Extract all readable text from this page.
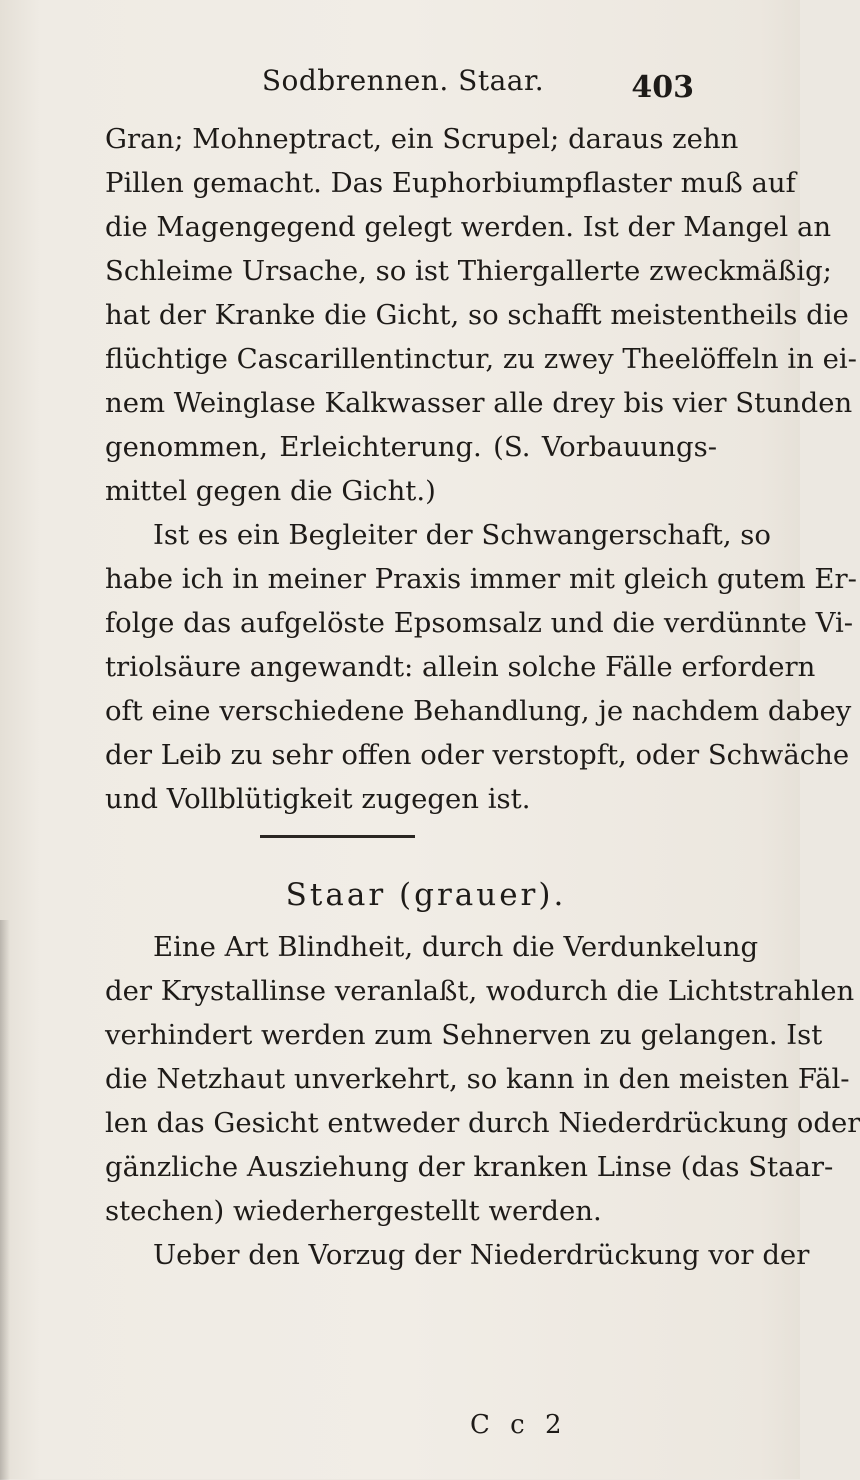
Sodbrennen. Staar.	403
Gran; Mohneptract, ein Scrupel; daraus zehn
Pillen gemacht. Das Euphorbiumpflaster muß auf
die Magengegend gelegt werden. Ist der Mangel an
Schleime Ursache, so ist Thiergallerte zweckmäßig;
hat der Kranke die Gicht, so schafft meistentheils die
flüchtige Cascarillentinctur, zu zwey Theelöffeln in ei-
nem Weinglase Kalkwasser alle drey bis vier Stunden
genommen, Erleichterung. (S. Vorbauungs-
mittel gegen die Gicht.)
Ist es ein Begleiter der Schwangerschaft, so
habe ich in meiner Praxis immer mit gleich gutem Er-
folge das aufgelöste Epsomsalz und die verdünnte Vi-
triolsäure angewandt: allein solche Fälle erfordern
oft eine verschiedene Behandlung, je nachdem dabey
der Leib zu sehr offen oder verstopft, oder Schwäche
und Vollblütigkeit zugegen ist.
Staar (grauer).
Eine Art Blindheit, durch die Verdunkelung
der Krystallinse veranlaßt, wodurch die Lichtstrahlen
verhindert werden zum Sehnerven zu gelangen. Ist
die Netzhaut unverkehrt, so kann in den meisten Fäl-
len das Gesicht entweder durch Niederdrückung oder
gänzliche Ausziehung der kranken Linse (das Staar-
stechen) wiederhergestellt werden.
Ueber den Vorzug der Niederdrückung vor der
C c 2
